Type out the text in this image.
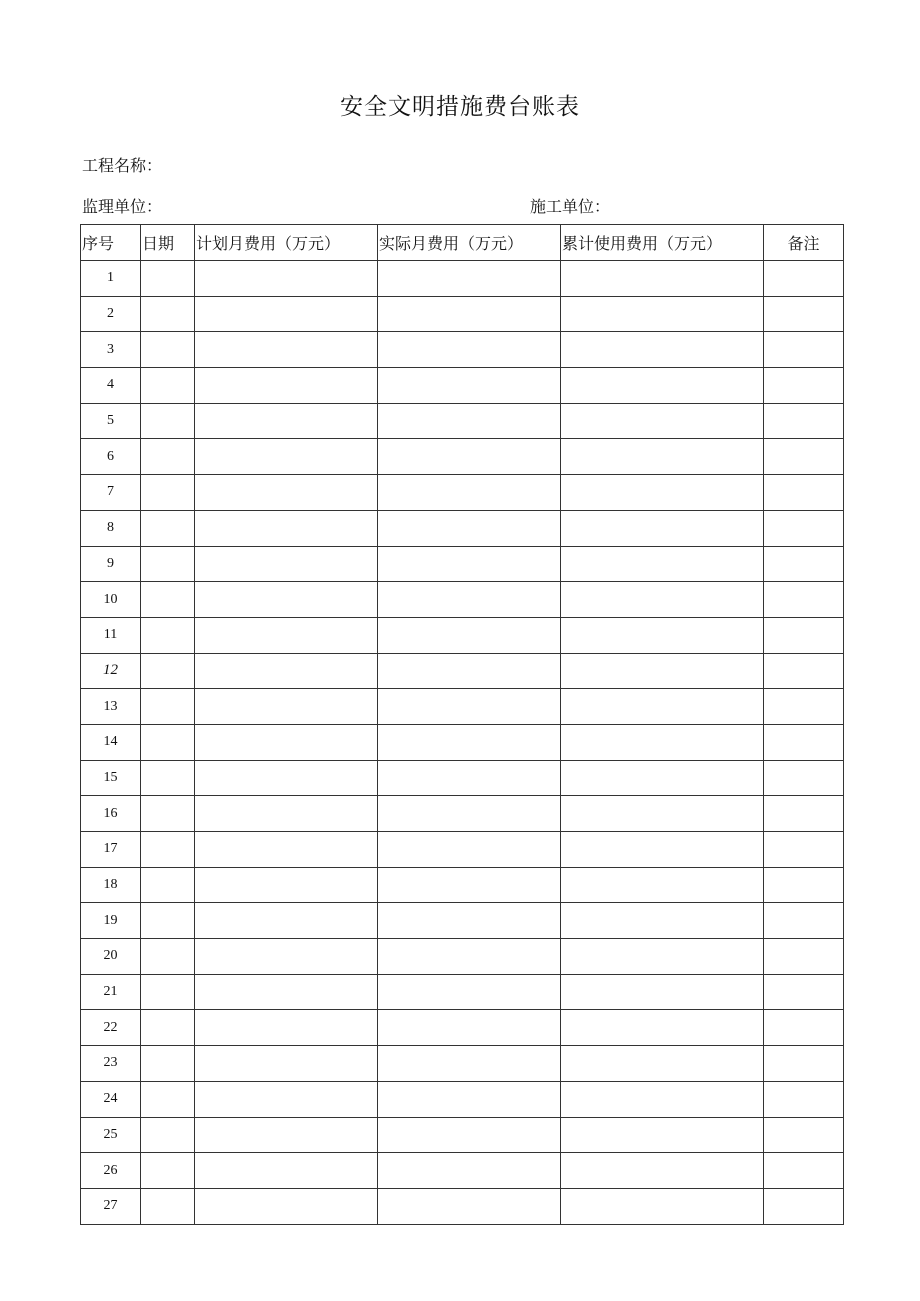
安全文明措施费台账表
工程名称：
监理单位：	施工单位：
序号	日期	计划月费用（万元）	实际月费用（万元）	累计使用费用（万元）	备注
1					
2					
3					
4					
5					
6					
7					
8					
9					
10					
11					
12					
13					
14					
15					
16					
17					
18					
19					
20					
21					
22					
23					
24					
25					
26					
27					
